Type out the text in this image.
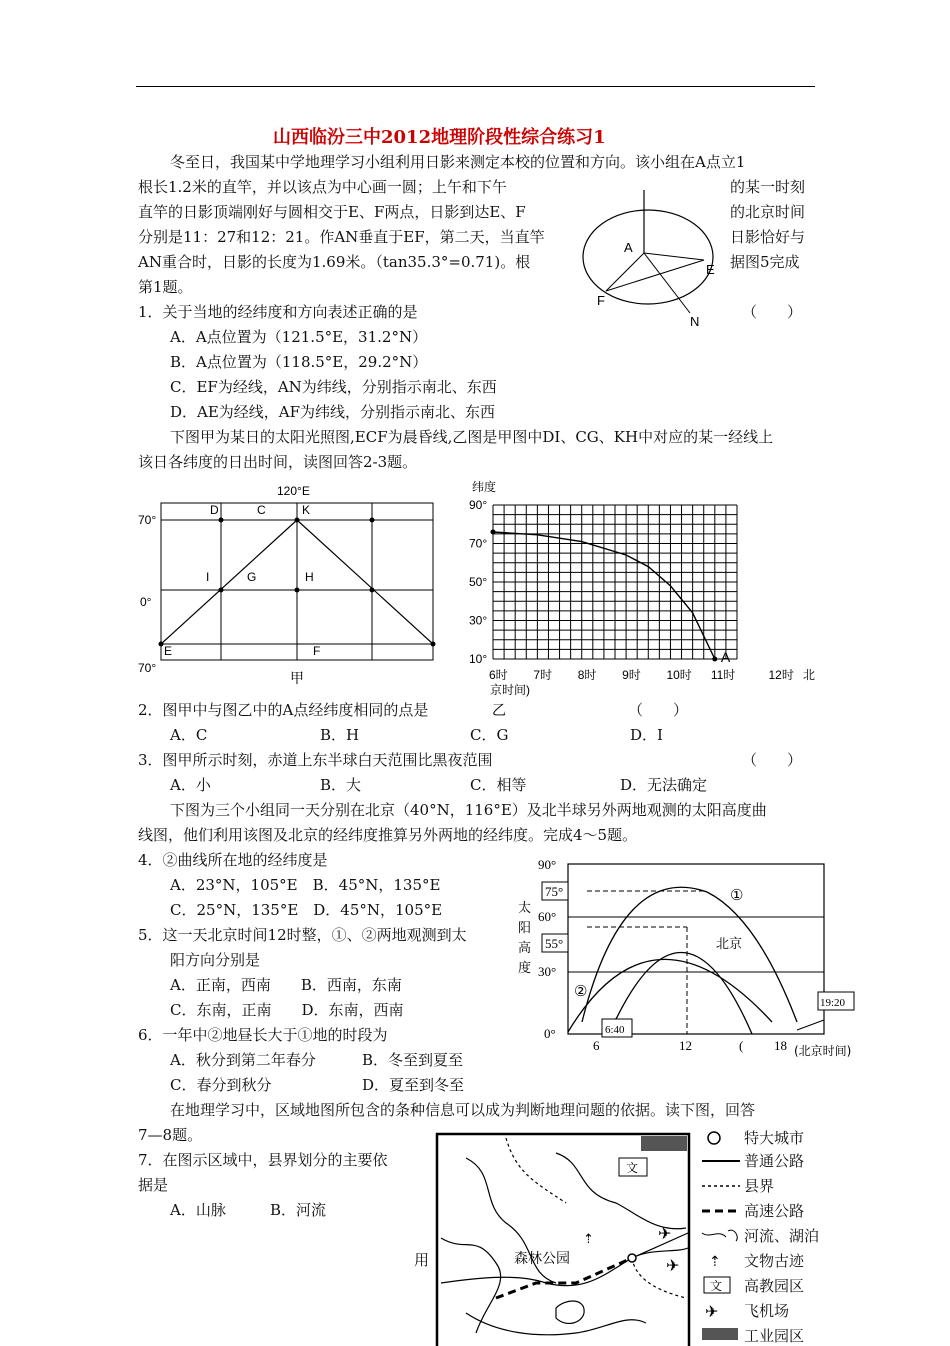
山西临汾三中2012地理阶段性综合练习1
冬至日，我国某中学地理学习小组利用日影来测定本校的位置和方向。该小组在A点立1
根长1.2米的直竿，并以该点为中心画一圆；上午和下午	的某一时刻
直竿的日影顶端刚好与圆相交于E、F两点，日影到达E、F	的北京时间
分别是11：27和12：21。作AN垂直于EF，第二天，当直竿	日影恰好与
AN重合时，日影的长度为1.69米。（tan35.3°=0.71)。根	据图5完成
第1题。
A
E
F
N
1．关于当地的经纬度和方向表述正确的是	（　　）
A．A点位置为（121.5°E，31.2°N）
B．A点位置为（118.5°E，29.2°N）
C．EF为经线，AN为纬线，分别指示南北、东西
D．AE为经线，AF为纬线，分别指示南北、东西
下图甲为某日的太阳光照图,ECF为晨昏线,乙图是甲图中DI、CG、KH中对应的某一经线上
该日各纬度的日出时间，读图回答2-3题。
120°E
70°
0°
70°
D	C	K
I	G	H
E	F
甲
纬度
北
京时间)
乙
90°
70°
50°
30°
10°
6时 7时 8时 9时 10时 11时	12时
A
2．图甲中与图乙中的A点经纬度相同的点是	（　　）
A．C	B．H	C．G	D．I
3．图甲所示时刻，赤道上东半球白天范围比黑夜范围	（　　）
A．小	B．大	C．相等	D．无法确定
下图为三个小组同一天分别在北京（40°N，116°E）及北半球另外两地观测的太阳高度曲
线图，他们利用该图及北京的经纬度推算另外两地的经纬度。完成4～5题。
4．②曲线所在地的经纬度是
A．23°N，105°E　B．45°N，135°E
C．25°N，135°E　D．45°N，105°E
5．这一天北京时间12时整，①、②两地观测到太
阳方向分别是
A．正南，西南　　B．西南，东南
C．东南，正南　　D．东南，西南
6．一年中②地昼长大于①地的时段为
A．秋分到第二年春分	B．冬至到夏至
C．春分到秋分	D．夏至到冬至
90°
60°
30°
0°
75°
55°
太
阳
高
度
6	12	( 18
①
②
北京
6:40
19:20
(北京时间)
在地理学习中，区域地图所包含的条种信息可以成为判断地理问题的依据。读下图，回答
7—8题。
7．在图示区域中，县界划分的主要依
据是
A．山脉	B．河流
用
文
森林公园
⇡	✈
✈ ⇡
文
✈
特大城市
普通公路
县界
高速公路
河流、湖泊
文物古迹
高教园区
飞机场
工业园区
